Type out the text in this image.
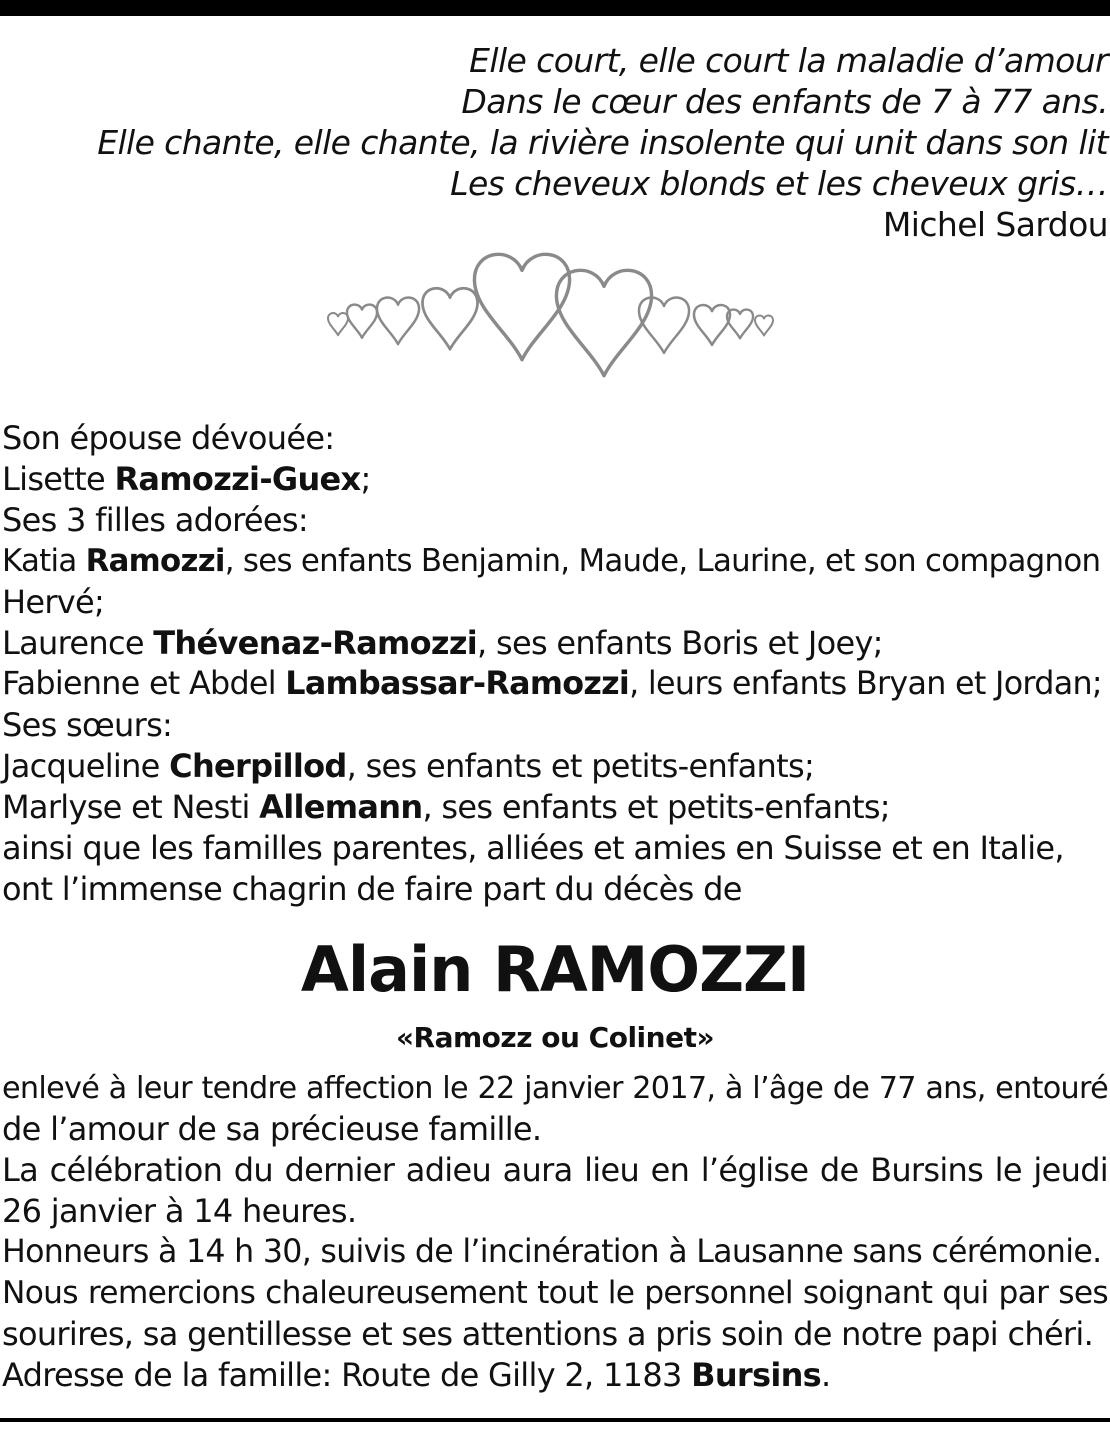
Elle court, elle court la maladie d’amour
Dans le cœur des enfants de 7 à 77 ans.
Elle chante, elle chante, la rivière insolente qui unit dans son lit
Les cheveux blonds et les cheveux gris…
Michel Sardou
Son épouse dévouée:
Lisette Ramozzi-Guex;
Ses 3 filles adorées:
Katia Ramozzi, ses enfants Benjamin, Maude, Laurine, et son compagnon
Hervé;
Laurence Thévenaz-Ramozzi, ses enfants Boris et Joey;
Fabienne et Abdel Lambassar-Ramozzi, leurs enfants Bryan et Jordan;
Ses sœurs:
Jacqueline Cherpillod, ses enfants et petits-enfants;
Marlyse et Nesti Allemann, ses enfants et petits-enfants;
ainsi que les familles parentes, alliées et amies en Suisse et en Italie,
ont l’immense chagrin de faire part du décès de
Alain RAMOZZI
«Ramozz ou Colinet»
enlevé à leur tendre affection le 22 janvier 2017, à l’âge de 77 ans, entouré
de l’amour de sa précieuse famille.
La célébration du dernier adieu aura lieu en l’église de Bursins le jeudi
26 janvier à 14 heures.
Honneurs à 14 h 30, suivis de l’incinération à Lausanne sans cérémonie.
Nous remercions chaleureusement tout le personnel soignant qui par ses
sourires, sa gentillesse et ses attentions a pris soin de notre papi chéri.
Adresse de la famille: Route de Gilly 2, 1183 Bursins.
